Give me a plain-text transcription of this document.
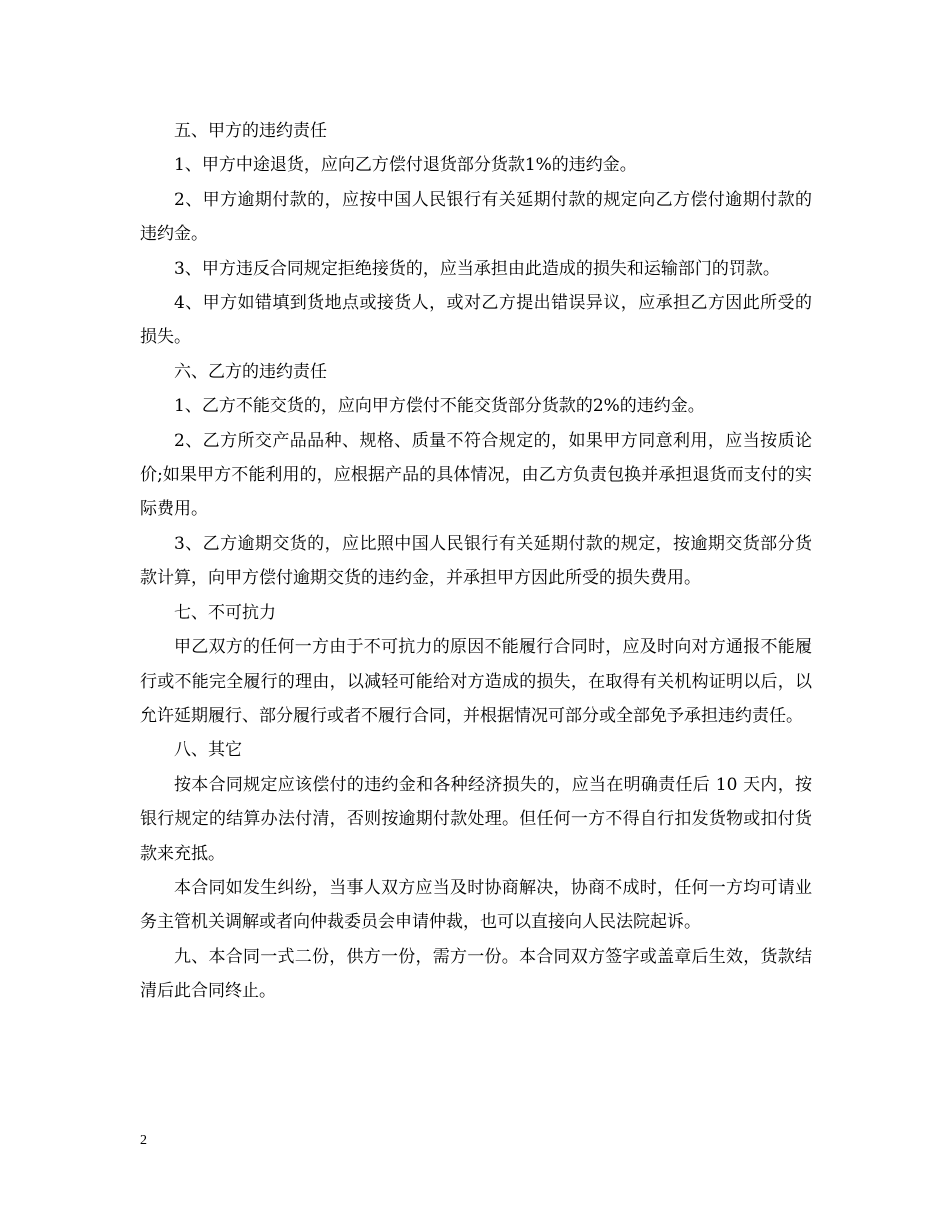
五、甲方的违约责任

1、甲方中途退货，应向乙方偿付退货部分货款1%的违约金。

2、甲方逾期付款的，应按中国人民银行有关延期付款的规定向乙方偿付逾期付款的违约金。

3、甲方违反合同规定拒绝接货的，应当承担由此造成的损失和运输部门的罚款。

4、甲方如错填到货地点或接货人，或对乙方提出错误异议，应承担乙方因此所受的损失。

六、乙方的违约责任

1、乙方不能交货的，应向甲方偿付不能交货部分货款的2%的违约金。

2、乙方所交产品品种、规格、质量不符合规定的，如果甲方同意利用，应当按质论价;如果甲方不能利用的，应根据产品的具体情况，由乙方负责包换并承担退货而支付的实际费用。

3、乙方逾期交货的，应比照中国人民银行有关延期付款的规定，按逾期交货部分货款计算，向甲方偿付逾期交货的违约金，并承担甲方因此所受的损失费用。

七、不可抗力

甲乙双方的任何一方由于不可抗力的原因不能履行合同时，应及时向对方通报不能履行或不能完全履行的理由，以减轻可能给对方造成的损失，在取得有关机构证明以后，以允许延期履行、部分履行或者不履行合同，并根据情况可部分或全部免予承担违约责任。

八、其它

按本合同规定应该偿付的违约金和各种经济损失的，应当在明确责任后 10 天内，按银行规定的结算办法付清，否则按逾期付款处理。但任何一方不得自行扣发货物或扣付货款来充抵。

本合同如发生纠纷，当事人双方应当及时协商解决，协商不成时，任何一方均可请业务主管机关调解或者向仲裁委员会申请仲裁，也可以直接向人民法院起诉。

九、本合同一式二份，供方一份，需方一份。本合同双方签字或盖章后生效，货款结清后此合同终止。

2
